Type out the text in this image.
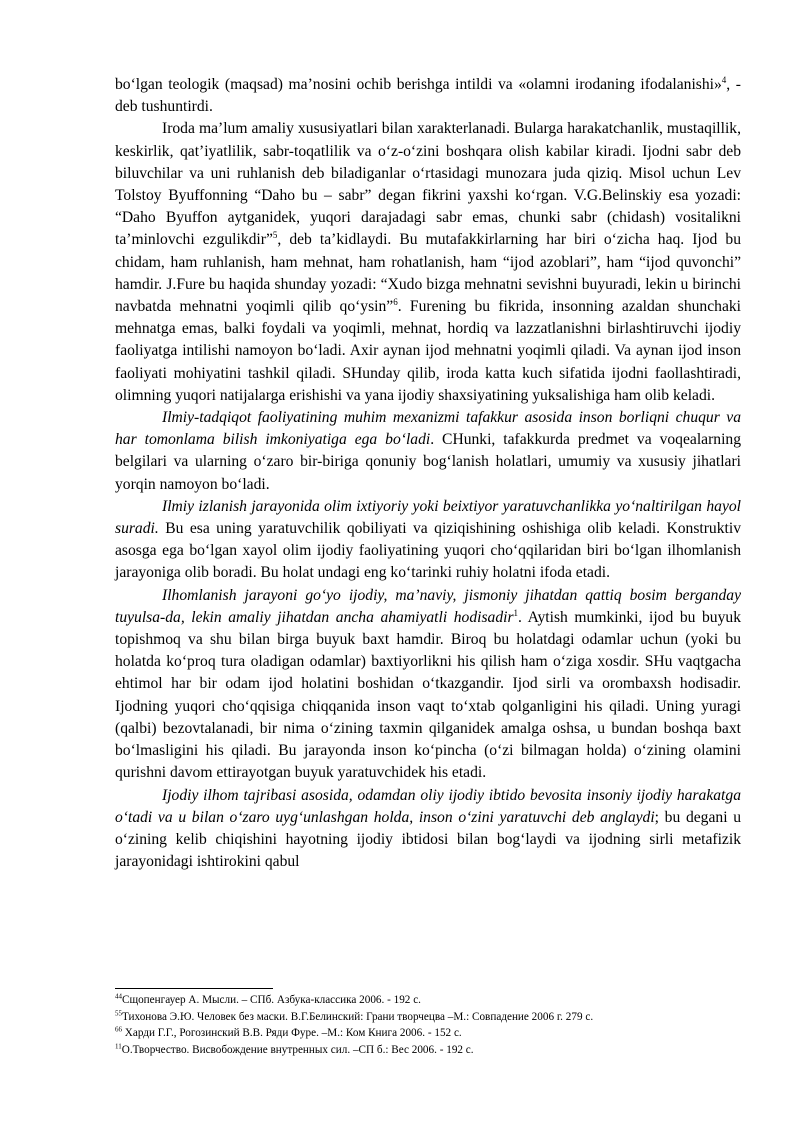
bo‘lgan teologik (maqsad) ma’nosini ochib berishga intildi va «olamni irodaning ifodalanishi»$^4$, - deb tushuntirdi.

Iroda ma’lum amaliy xususiyatlari bilan xarakterlanadi. Bularga harakatchanlik, mustaqillik, keskirlik, qat’iyatlilik, sabr-toqatlilik va o‘z-o‘zini boshqara olish kabilar kiradi. Ijodni sabr deb biluvchilar va uni ruhlanish deb biladiganlar o‘rtasidagi munozara juda qiziq. Misol uchun Lev Tolstoy Byuffonning “Daho bu – sabr” degan fikrini yaxshi ko‘rgan. V.G.Belinskiy esa yozadi: “Daho Byuffon aytganidek, yuqori darajadagi sabr emas, chunki sabr (chidash) vositalikni ta’minlovchi ezgulikdir”$^5$, deb ta’kidlaydi. Bu mutafakkirlarning har biri o‘zicha haq. Ijod bu chidam, ham ruhlanish, ham mehnat, ham rohatlanish, ham “ijod azoblari”, ham “ijod quvonchi” hamdir. J.Fure bu haqida shunday yozadi: “Xudo bizga mehnatni sevishni buyuradi, lekin u birinchi navbatda mehnatni yoqimli qilib qo‘ysin”$^6$. Furening bu fikrida, insonning azaldan shunchaki mehnatga emas, balki foydali va yoqimli, mehnat, hordiq va lazzatlanishni birlashtiruvchi ijodiy faoliyatga intilishi namoyon bo‘ladi. Axir aynan ijod mehnatni yoqimli qiladi. Va aynan ijod inson faoliyati mohiyatini tashkil qiladi. SHunday qilib, iroda katta kuch sifatida ijodni faollashtiradi, olimning yuqori natijalarga erishishi va yana ijodiy shaxsiyatining yuksalishiga ham olib keladi.

Ilmiy-tadqiqot faoliyatining muhim mexanizmi tafakkur asosida inson borliqni chuqur va har tomonlama bilish imkoniyatiga ega bo‘ladi. CHunki, tafakkurda predmet va voqealarning belgilari va ularning o‘zaro bir-biriga qonuniy bog‘lanish holatlari, umumiy va xususiy jihatlari yorqin namoyon bo‘ladi.

Ilmiy izlanish jarayonida olim ixtiyoriy yoki beixtiyor yaratuvchanlikka yo‘naltirilgan hayol suradi. Bu esa uning yaratuvchilik qobiliyati va qiziqishining oshishiga olib keladi. Konstruktiv asosga ega bo‘lgan xayol olim ijodiy faoliyatining yuqori cho‘qqilaridan biri bo‘lgan ilhomlanish jarayoniga olib boradi. Bu holat undagi eng ko‘tarinki ruhiy holatni ifoda etadi.

Ilhomlanish jarayoni go‘yo ijodiy, ma’naviy, jismoniy jihatdan qattiq bosim berganday tuyulsa-da, lekin amaliy jihatdan ancha ahamiyatli hodisadir$^1$. Aytish mumkinki, ijod bu buyuk topishmoq va shu bilan birga buyuk baxt hamdir. Biroq bu holatdagi odamlar uchun (yoki bu holatda ko‘proq tura oladigan odamlar) baxtiyorlikni his qilish ham o‘ziga xosdir. SHu vaqtgacha ehtimol har bir odam ijod holatini boshidan o‘tkazgandir. Ijod sirli va orombaxsh hodisadir. Ijodning yuqori cho‘qqisiga chiqqanida inson vaqt to‘xtab qolganligini his qiladi. Uning yuragi (qalbi) bezovtalanadi, bir nima o‘zining taxmin qilganidek amalga oshsa, u bundan boshqa baxt bo‘lmasligini his qiladi. Bu jarayonda inson ko‘pincha (o‘zi bilmagan holda) o‘zining olamini qurishni davom ettirayotgan buyuk yaratuvchidek his etadi.

Ijodiy ilhom tajribasi asosida, odamdan oliy ijodiy ibtido bevosita insoniy ijodiy harakatga o‘tadi va u bilan o‘zaro uyg‘unlashgan holda, inson o‘zini yaratuvchi deb anglaydi; bu degani u o‘zining kelib chiqishini hayotning ijodiy ibtidosi bilan bog‘laydi va ijodning sirli metafizik jarayonidagi ishtirokini qabul

$^{44}$Сщопенгауер А. Мысли. – СПб. Азбука-классика 2006. - 192 с.
$^{55}$Тихонова Э.Ю. Человек без маски. В.Г.Белинский: Грани творчецва –М.: Совпадение 2006 г. 279 с.
$^{66}$ Харди Г.Г., Рогозинский В.В. Ряди Фуре. –М.: Ком Книга 2006. - 152 с.
$^{11}$О.Творчество. Висвобождение внутренных сил. –СП б.: Вес 2006. - 192 с.
